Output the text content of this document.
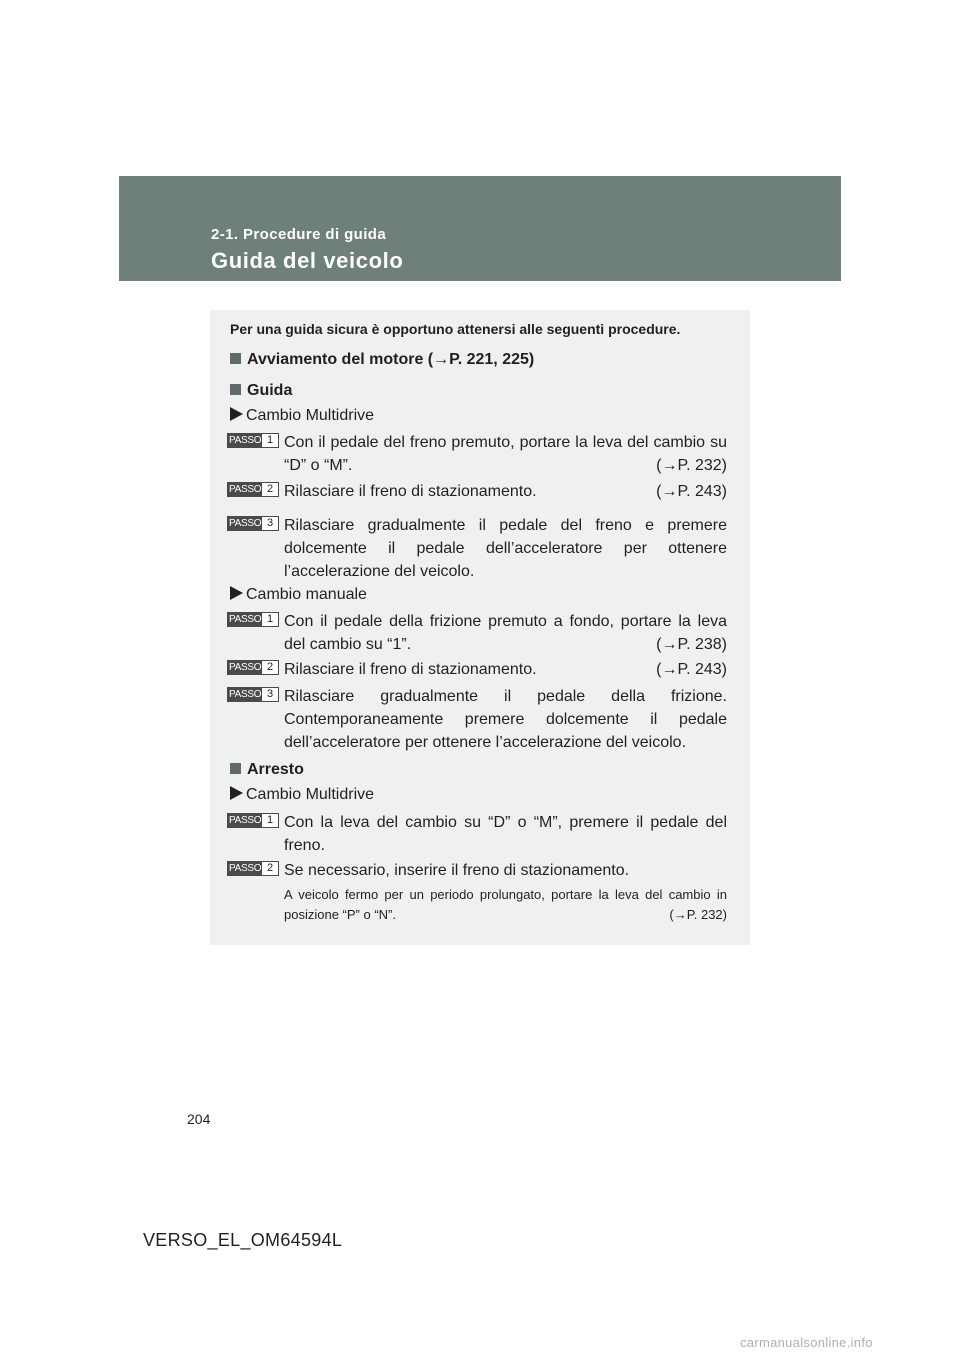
2-1. Procedure di guida
Guida del veicolo
Per una guida sicura è opportuno attenersi alle seguenti procedure.
Avviamento del motore (→P. 221, 225)
Guida
Cambio Multidrive
PASSO 1 Con il pedale del freno premuto, portare la leva del cambio su “D” o “M”.	(→P. 232)
PASSO 2 Rilasciare il freno di stazionamento.	(→P. 243)
PASSO 3 Rilasciare gradualmente il pedale del freno e premere dolcemente il pedale dell’acceleratore per ottenere l’accelerazione del veicolo.
Cambio manuale
PASSO 1 Con il pedale della frizione premuto a fondo, portare la leva del cambio su “1”.	(→P. 238)
PASSO 2 Rilasciare il freno di stazionamento.	(→P. 243)
PASSO 3 Rilasciare gradualmente il pedale della frizione. Contemporaneamente premere dolcemente il pedale dell’acceleratore per ottenere l’accelerazione del veicolo.
Arresto
Cambio Multidrive
PASSO 1 Con la leva del cambio su “D” o “M”, premere il pedale del freno.
PASSO 2 Se necessario, inserire il freno di stazionamento.
A veicolo fermo per un periodo prolungato, portare la leva del cambio in posizione “P” o “N”.	(→P. 232)
204
VERSO_EL_OM64594L
carmanualsonline.info
